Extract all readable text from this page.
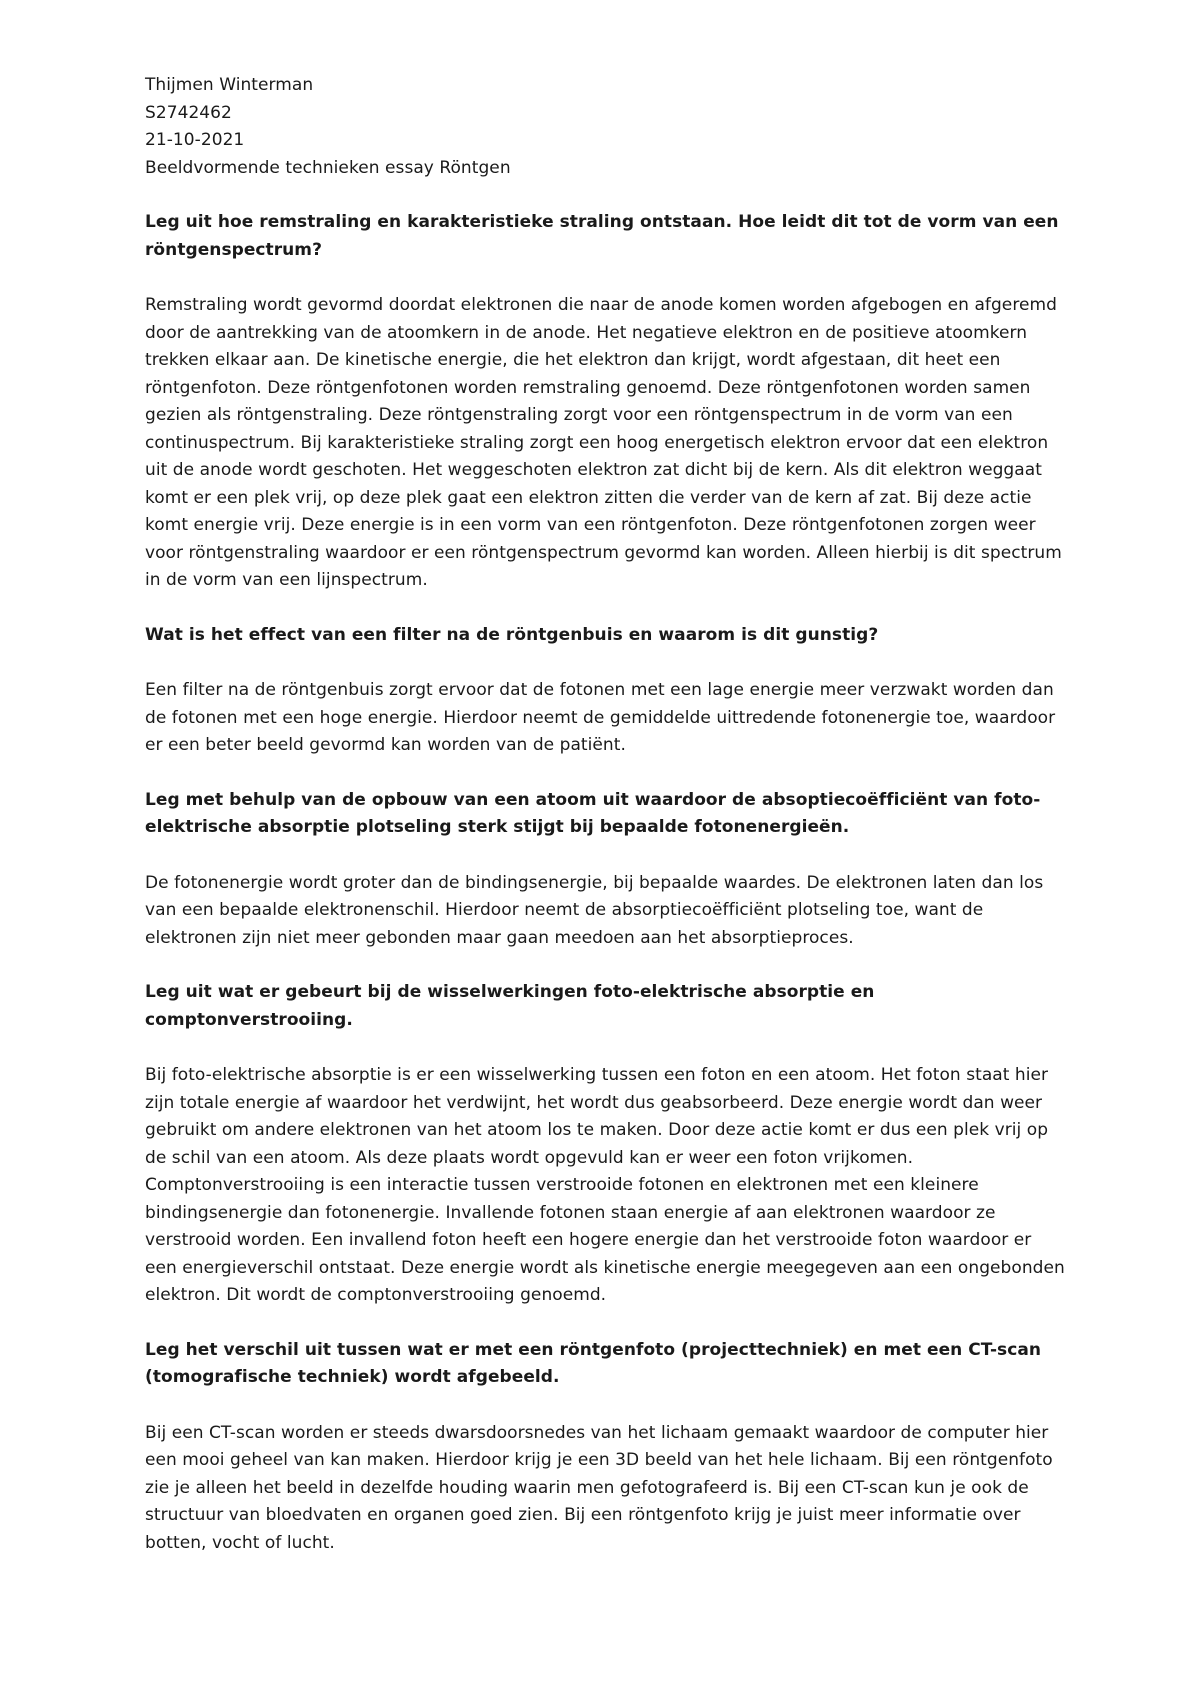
Thijmen Winterman

S2742462

21-10-2021

Beeldvormende technieken essay Röntgen

Leg uit hoe remstraling en karakteristieke straling ontstaan. Hoe leidt dit tot de vorm van een röntgenspectrum?

Remstraling wordt gevormd doordat elektronen die naar de anode komen worden afgebogen en afgeremd door de aantrekking van de atoomkern in de anode. Het negatieve elektron en de positieve atoomkern trekken elkaar aan. De kinetische energie, die het elektron dan krijgt, wordt afgestaan, dit heet een röntgenfoton. Deze röntgenfotonen worden remstraling genoemd. Deze röntgenfotonen worden samen gezien als röntgenstraling. Deze röntgenstraling zorgt voor een röntgenspectrum in de vorm van een continuspectrum. Bij karakteristieke straling zorgt een hoog energetisch elektron ervoor dat een elektron uit de anode wordt geschoten. Het weggeschoten elektron zat dicht bij de kern. Als dit elektron weggaat komt er een plek vrij, op deze plek gaat een elektron zitten die verder van de kern af zat. Bij deze actie komt energie vrij. Deze energie is in een vorm van een röntgenfoton. Deze röntgenfotonen zorgen weer voor röntgenstraling waardoor er een röntgenspectrum gevormd kan worden. Alleen hierbij is dit spectrum in de vorm van een lijnspectrum.

Wat is het effect van een filter na de röntgenbuis en waarom is dit gunstig?

Een filter na de röntgenbuis zorgt ervoor dat de fotonen met een lage energie meer verzwakt worden dan de fotonen met een hoge energie. Hierdoor neemt de gemiddelde uittredende fotonenergie toe, waardoor er een beter beeld gevormd kan worden van de patiënt.

Leg met behulp van de opbouw van een atoom uit waardoor de absoptiecoëfficiënt van foto-elektrische absorptie plotseling sterk stijgt bij bepaalde fotonenergieën.

De fotonenergie wordt groter dan de bindingsenergie, bij bepaalde waardes. De elektronen laten dan los van een bepaalde elektronenschil. Hierdoor neemt de absorptiecoëfficiënt plotseling toe, want de elektronen zijn niet meer gebonden maar gaan meedoen aan het absorptieproces.

Leg uit wat er gebeurt bij de wisselwerkingen foto-elektrische absorptie en comptonverstrooiing.

Bij foto-elektrische absorptie is er een wisselwerking tussen een foton en een atoom. Het foton staat hier zijn totale energie af waardoor het verdwijnt, het wordt dus geabsorbeerd. Deze energie wordt dan weer gebruikt om andere elektronen van het atoom los te maken. Door deze actie komt er dus een plek vrij op de schil van een atoom. Als deze plaats wordt opgevuld kan er weer een foton vrijkomen. Comptonverstrooiing is een interactie tussen verstrooide fotonen en elektronen met een kleinere bindingsenergie dan fotonenergie. Invallende fotonen staan energie af aan elektronen waardoor ze verstrooid worden. Een invallend foton heeft een hogere energie dan het verstrooide foton waardoor er een energieverschil ontstaat. Deze energie wordt als kinetische energie meegegeven aan een ongebonden elektron. Dit wordt de comptonverstrooiing genoemd.

Leg het verschil uit tussen wat er met een röntgenfoto (projecttechniek) en met een CT-scan (tomografische techniek) wordt afgebeeld.

Bij een CT-scan worden er steeds dwarsdoorsnedes van het lichaam gemaakt waardoor de computer hier een mooi geheel van kan maken. Hierdoor krijg je een 3D beeld van het hele lichaam. Bij een röntgenfoto zie je alleen het beeld in dezelfde houding waarin men gefotografeerd is. Bij een CT-scan kun je ook de structuur van bloedvaten en organen goed zien. Bij een röntgenfoto krijg je juist meer informatie over botten, vocht of lucht.
